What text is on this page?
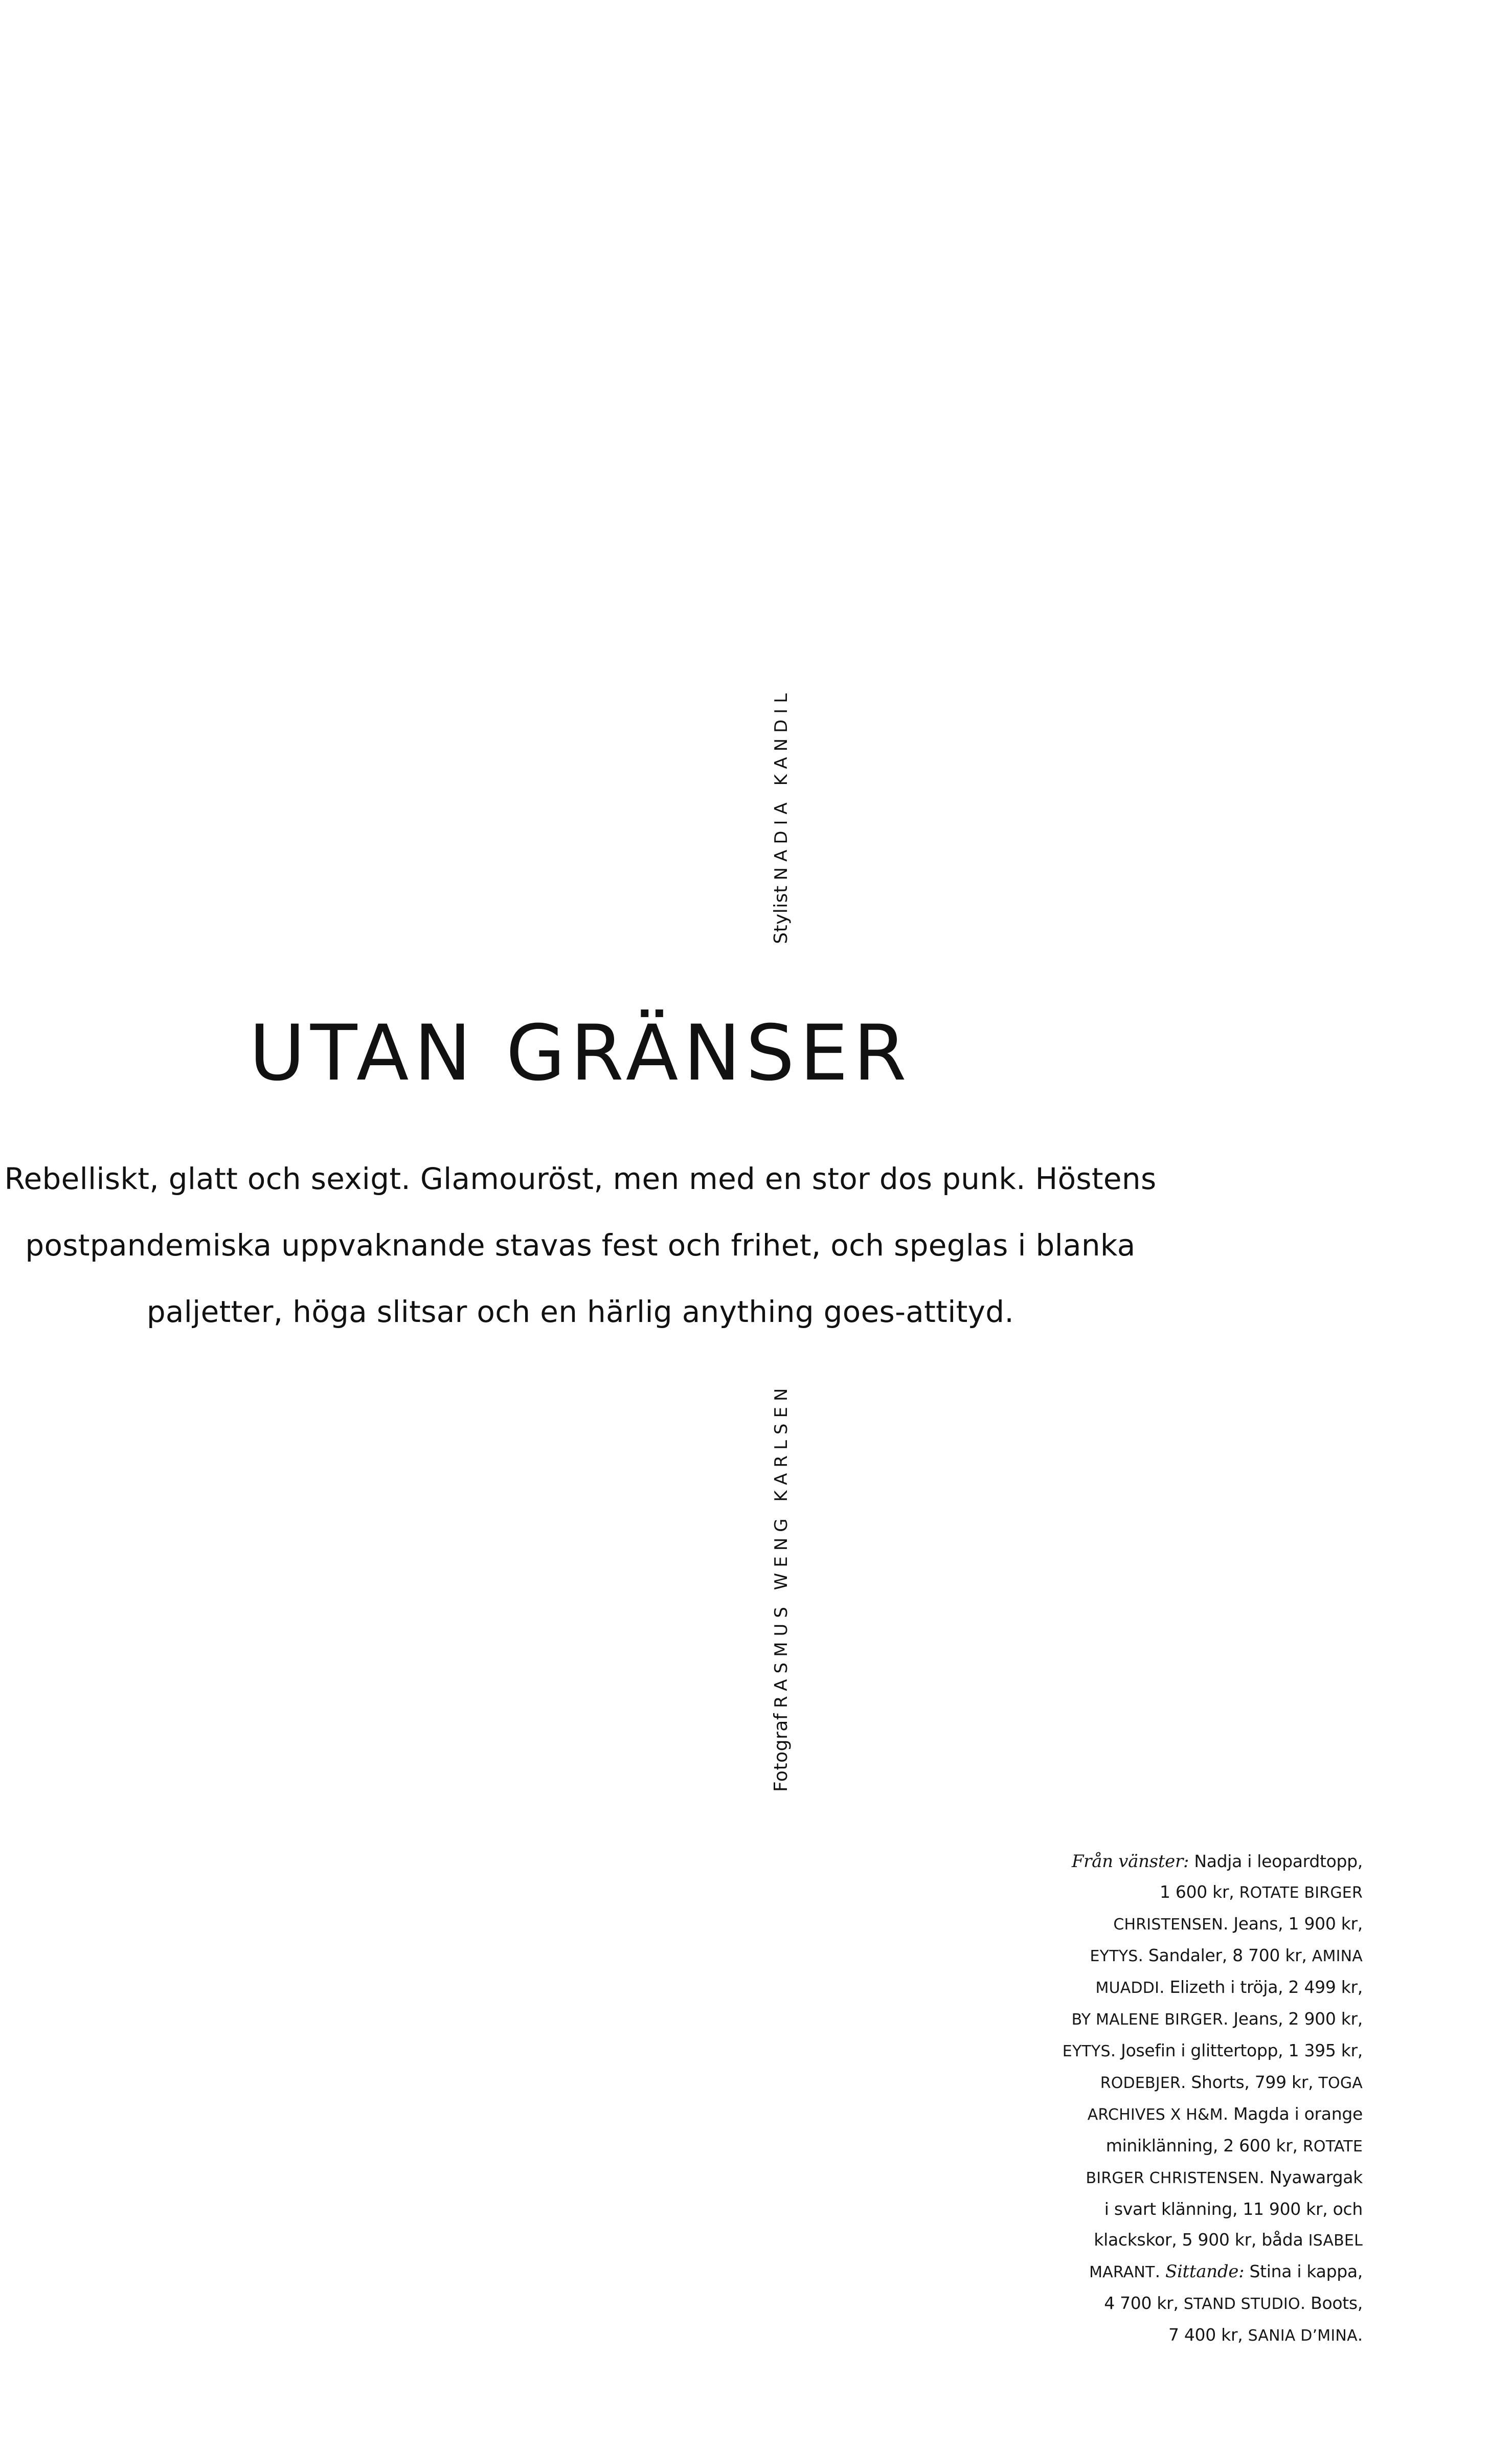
StylistNADIA KANDIL
UTAN GRÄNSER

Rebelliskt, glatt och sexigt. Glamouröst, men med en stor dos punk. Höstens
postpandemiska uppvaknande stavas fest och frihet, och speglas i blanka
paljetter, höga slitsar och en härlig anything goes-attityd.

FotografRASMUS WENG KARLSEN
Från vänster: Nadja i leopardtopp,
1 600 kr, ROTATE BIRGER
CHRISTENSEN. Jeans, 1 900 kr,
EYTYS. Sandaler, 8 700 kr, AMINA
MUADDI. Elizeth i tröja, 2 499 kr,
BY MALENE BIRGER. Jeans, 2 900 kr,
EYTYS. Josefin i glittertopp, 1 395 kr,
RODEBJER. Shorts, 799 kr, TOGA
ARCHIVES X H&M. Magda i orange
miniklänning, 2 600 kr, ROTATE
BIRGER CHRISTENSEN. Nyawargak
i svart klänning, 11 900 kr, och
klackskor, 5 900 kr, båda ISABEL
MARANT. Sittande: Stina i kappa,
4 700 kr, STAND STUDIO. Boots,
7 400 kr, SANIA D’MINA.
